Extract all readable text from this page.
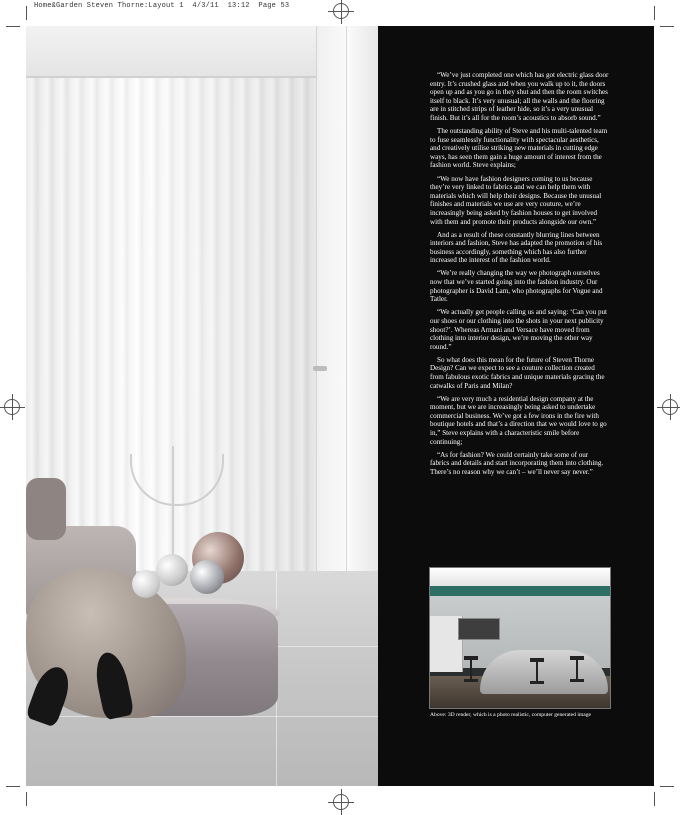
Home&Garden Steven Thorne:Layout 1  4/3/11  13:12  Page 53

“We’ve just completed one which has got electric glass door entry. It’s crushed glass and when you walk up to it, the doors open up and as you go in they shut and then the room switches itself to black. It’s very unusual; all the walls and the flooring are in stitched strips of leather hide, so it’s a very unusual finish. But it’s all for the room’s acoustics to absorb sound.”

The outstanding ability of Steve and his multi-talented team to fuse seamlessly functionality with spectacular aesthetics, and creatively utilise striking new materials in cutting edge ways, has seen them gain a huge amount of interest from the fashion world. Steve explains;

“We now have fashion designers coming to us because they’re very linked to fabrics and we can help them with materials which will help their designs. Because the unusual finishes and materials we use are very couture, we’re increasingly being asked by fashion houses to get involved with them and promote their products alongside our own.”

And as a result of these constantly blurring lines between interiors and fashion, Steve has adapted the promotion of his business accordingly, something which has also further increased the interest of the fashion world.

“We’re really changing the way we photograph ourselves now that we’ve started going into the fashion industry. Our photographer is David Lam, who photographs for Vogue and Tatler.

“We actually get people calling us and saying: ‘Can you put our shoes or our clothing into the shots in your next publicity shoot?’. Whereas Armani and Versace have moved from clothing into interior design, we’re moving the other way round.”

So what does this mean for the future of Steven Thorne Design? Can we expect to see a couture collection created from fabulous exotic fabrics and unique materials gracing the catwalks of Paris and Milan?

“We are very much a residential design company at the moment, but we are increasingly being asked to undertake commercial business. We’ve got a few irons in the fire with boutique hotels and that’s a direction that we would love to go in,” Steve explains with a characteristic smile before continuing;

“As for fashion? We could certainly take some of our fabrics and details and start incorporating them into clothing. There’s no reason why we can’t – we’ll never say never.”

Above: 3D render, which is a photo realistic, computer generated image
